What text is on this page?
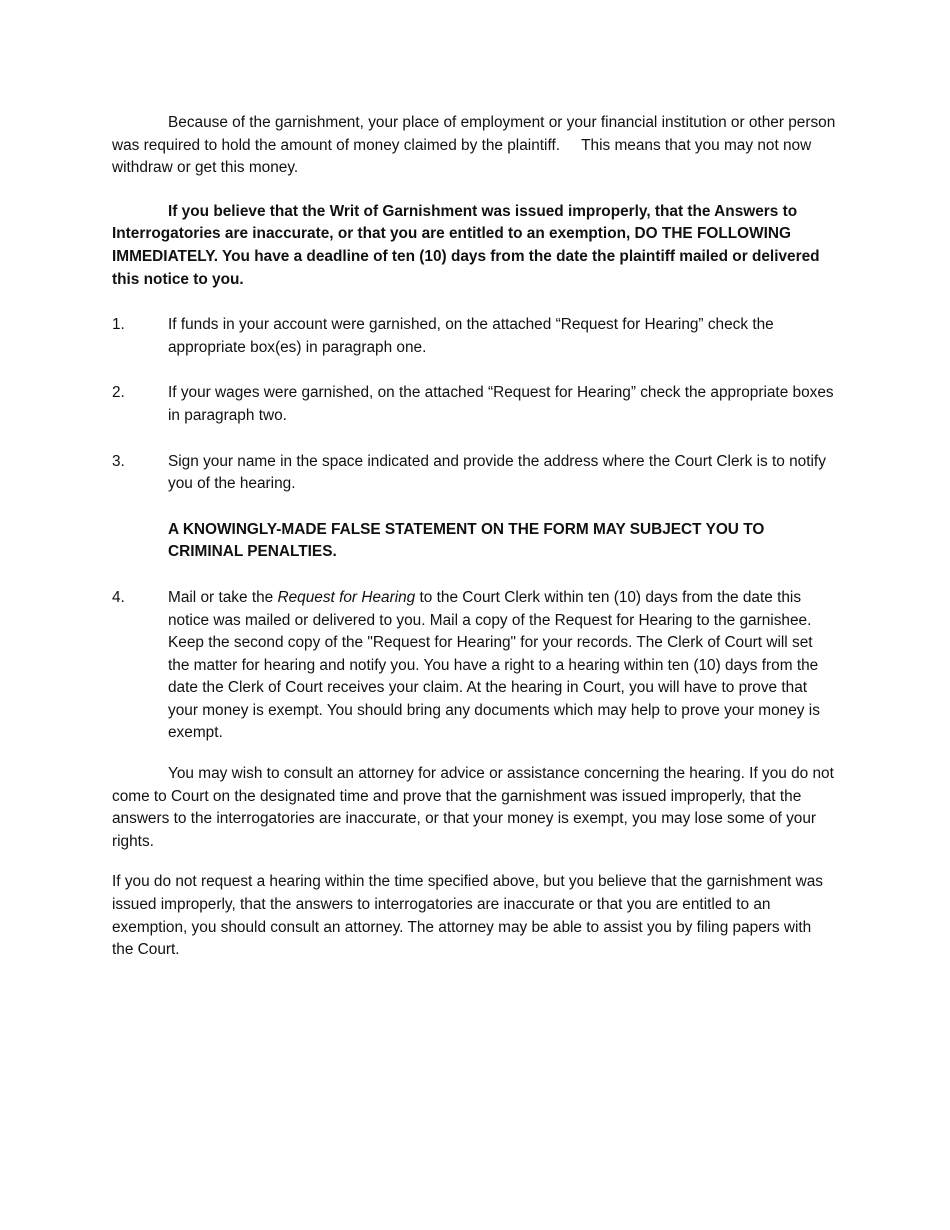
Because of the garnishment, your place of employment or your financial institution or other person was required to hold the amount of money claimed by the plaintiff.     This means that you may not now withdraw or get this money.

If you believe that the Writ of Garnishment was issued improperly, that the Answers to Interrogatories are inaccurate, or that you are entitled to an exemption, DO THE FOLLOWING IMMEDIATELY. You have a deadline of ten (10) days from the date the plaintiff mailed or delivered this notice to you.

1.	If funds in your account were garnished, on the attached “Request for Hearing” check the appropriate box(es) in paragraph one.
2.	If your wages were garnished, on the attached “Request for Hearing” check the appropriate boxes in paragraph two.
3.	Sign your name in the space indicated and provide the address where the Court Clerk is to notify you of the hearing.

A KNOWINGLY-MADE FALSE STATEMENT ON THE FORM MAY SUBJECT YOU TO CRIMINAL PENALTIES.

4.	Mail or take the Request for Hearing to the Court Clerk within ten (10) days from the date this notice was mailed or delivered to you. Mail a copy of the Request for Hearing to the garnishee. Keep the second copy of the "Request for Hearing" for your records. The Clerk of Court will set the matter for hearing and notify you. You have a right to a hearing within ten (10) days from the date the Clerk of Court receives your claim. At the hearing in Court, you will have to prove that your money is exempt. You should bring any documents which may help to prove your money is exempt.

You may wish to consult an attorney for advice or assistance concerning the hearing. If you do not come to Court on the designated time and prove that the garnishment was issued improperly, that the answers to the interrogatories are inaccurate, or that your money is exempt, you may lose some of your rights.

If you do not request a hearing within the time specified above, but you believe that the garnishment was issued improperly, that the answers to interrogatories are inaccurate or that you are entitled to an exemption, you should consult an attorney. The attorney may be able to assist you by filing papers with the Court.
